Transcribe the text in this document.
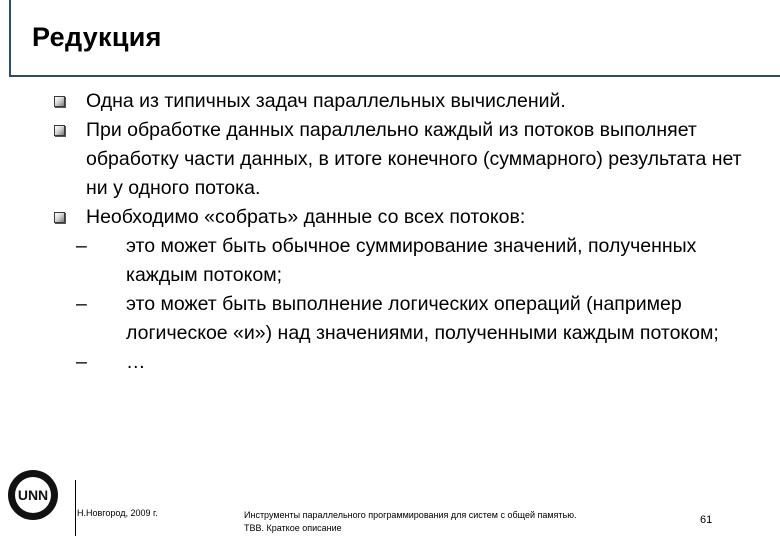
Редукция
Одна из типичных задач параллельных вычислений.
При обработке данных параллельно каждый из потоков выполняет обработку части данных, в итоге конечного (суммарного) результата нет ни у одного потока.
Необходимо «собрать» данные со всех потоков:
– это может быть обычное суммирование значений, полученных каждым потоком;
– это может быть выполнение логических операций (например логическое «и») над значениями, полученными каждым потоком;
– …
UNN
Н.Новгород, 2009 г.	Инструменты параллельного программирования для систем с общей памятью.
ТВВ. Краткое описание
61
